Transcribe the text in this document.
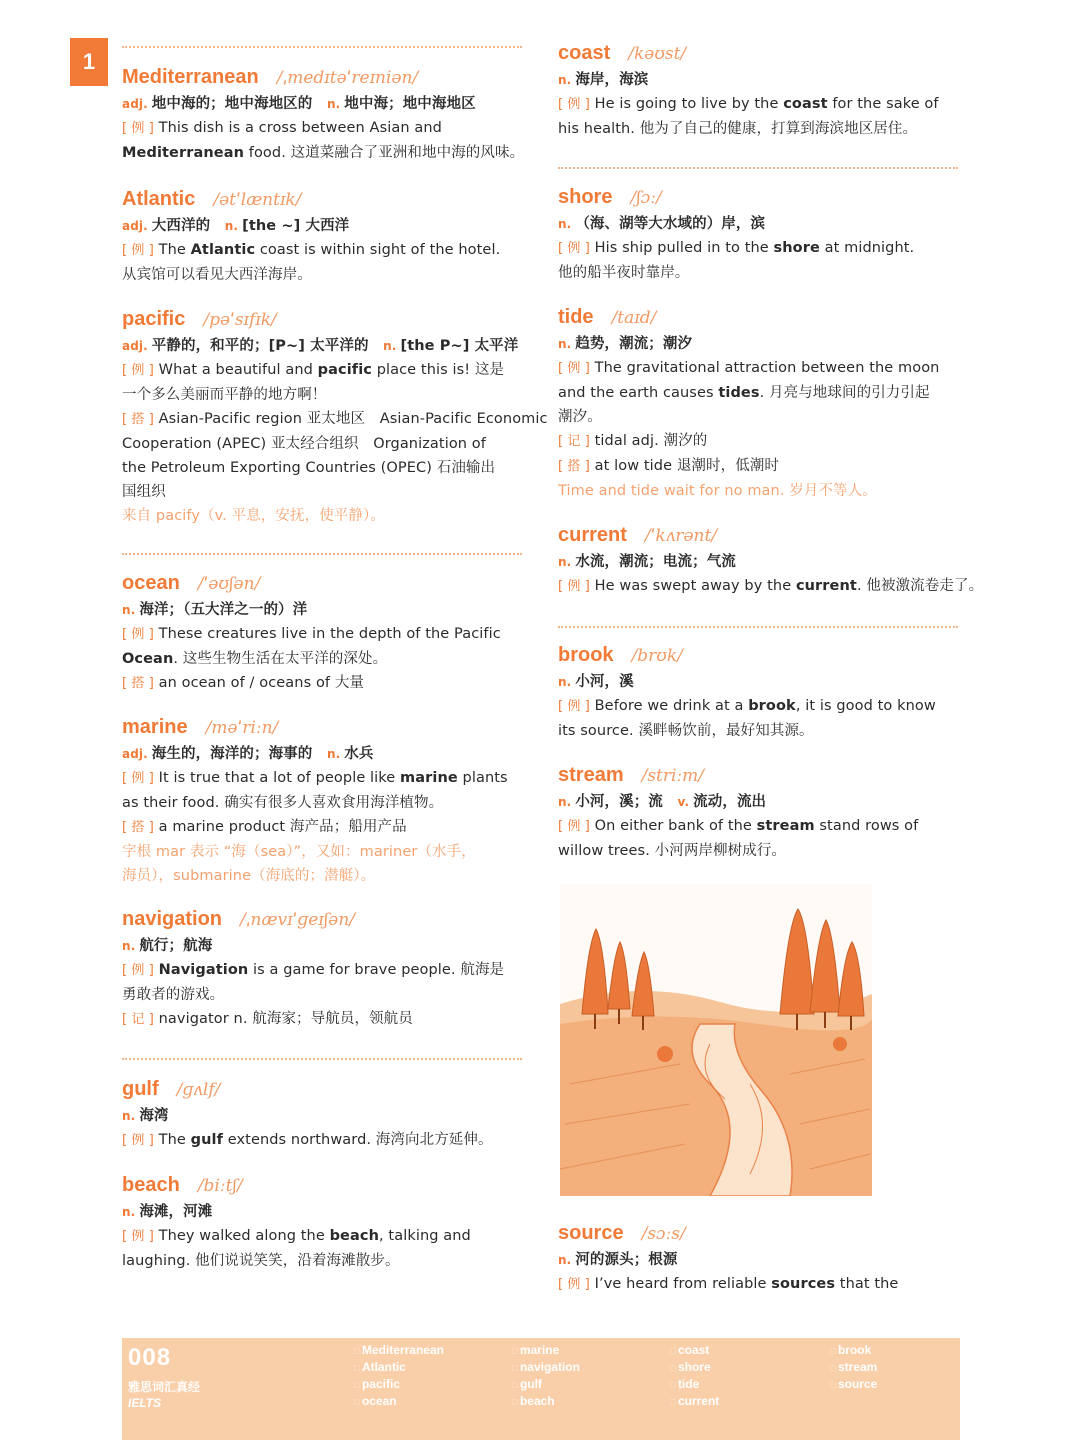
1
Mediterranean /ˌmedɪtəˈreɪniən/
adj. 地中海的；地中海地区的　 n. 地中海；地中海地区
[ 例 ] This dish is a cross between Asian and
Mediterranean food. 这道菜融合了亚洲和地中海的风味。
Atlantic /ətˈlæntɪk/
adj. 大西洋的　 n. [the ~] 大西洋
[ 例 ] The Atlantic coast is within sight of the hotel.
从宾馆可以看见大西洋海岸。
pacific /pəˈsɪfɪk/
adj. 平静的，和平的；[P~] 太平洋的　 n. [the P~] 太平洋
[ 例 ] What a beautiful and pacific place this is! 这是
一个多么美丽而平静的地方啊！
[ 搭 ] Asian-Pacific region 亚太地区　Asian-Pacific Economic
Cooperation (APEC) 亚太经合组织　Organization of
the Petroleum Exporting Countries (OPEC) 石油输出
国组织
来自 pacify（v. 平息，安抚，使平静）。
ocean /ˈəʊʃən/
n. 海洋；（五大洋之一的）洋
[ 例 ] These creatures live in the depth of the Pacific
Ocean. 这些生物生活在太平洋的深处。
[ 搭 ] an ocean of / oceans of 大量
marine /məˈriːn/
adj. 海生的，海洋的；海事的　 n. 水兵
[ 例 ] It is true that a lot of people like marine plants
as their food. 确实有很多人喜欢食用海洋植物。
[ 搭 ] a marine product 海产品；船用产品
字根 mar 表示 “海（sea）”，又如：mariner（水手，
海员），submarine（海底的；潜艇）。
navigation /ˌnævɪˈɡeɪʃən/
n. 航行；航海
[ 例 ] Navigation is a game for brave people. 航海是
勇敢者的游戏。
[ 记 ] navigator n. 航海家；导航员，领航员
gulf /ɡʌlf/
n. 海湾
[ 例 ] The gulf extends northward. 海湾向北方延伸。
beach /biːtʃ/
n. 海滩，河滩
[ 例 ] They walked along the beach, talking and
laughing. 他们说说笑笑，沿着海滩散步。
coast /kəʊst/
n. 海岸，海滨
[ 例 ] He is going to live by the coast for the sake of
his health. 他为了自己的健康，打算到海滨地区居住。
shore /ʃɔː/
n. （海、湖等大水域的）岸，滨
[ 例 ] His ship pulled in to the shore at midnight.
他的船半夜时靠岸。
tide /taɪd/
n. 趋势，潮流；潮汐
[ 例 ] The gravitational attraction between the moon
and the earth causes tides. 月亮与地球间的引力引起
潮汐。
[ 记 ] tidal adj. 潮汐的
[ 搭 ] at low tide 退潮时，低潮时
Time and tide wait for no man. 岁月不等人。
current /ˈkʌrənt/
n. 水流，潮流；电流；气流
[ 例 ] He was swept away by the current. 他被激流卷走了。
brook /brʊk/
n. 小河，溪
[ 例 ] Before we drink at a brook, it is good to know
its source. 溪畔畅饮前，最好知其源。
stream /striːm/
n. 小河，溪；流　 v. 流动，流出
[ 例 ] On either bank of the stream stand rows of
willow trees. 小河两岸柳树成行。
source /sɔːs/
n. 河的源头；根源
[ 例 ] I’ve heard from reliable sources that the
008
雅思词汇真经
IELTS
□ Mediterranean
□ Atlantic
□ pacific
□ ocean
□ marine
□ navigation
□ gulf
□ beach
□ coast
□ shore
□ tide
□ current
□ brook
□ stream
□ source
